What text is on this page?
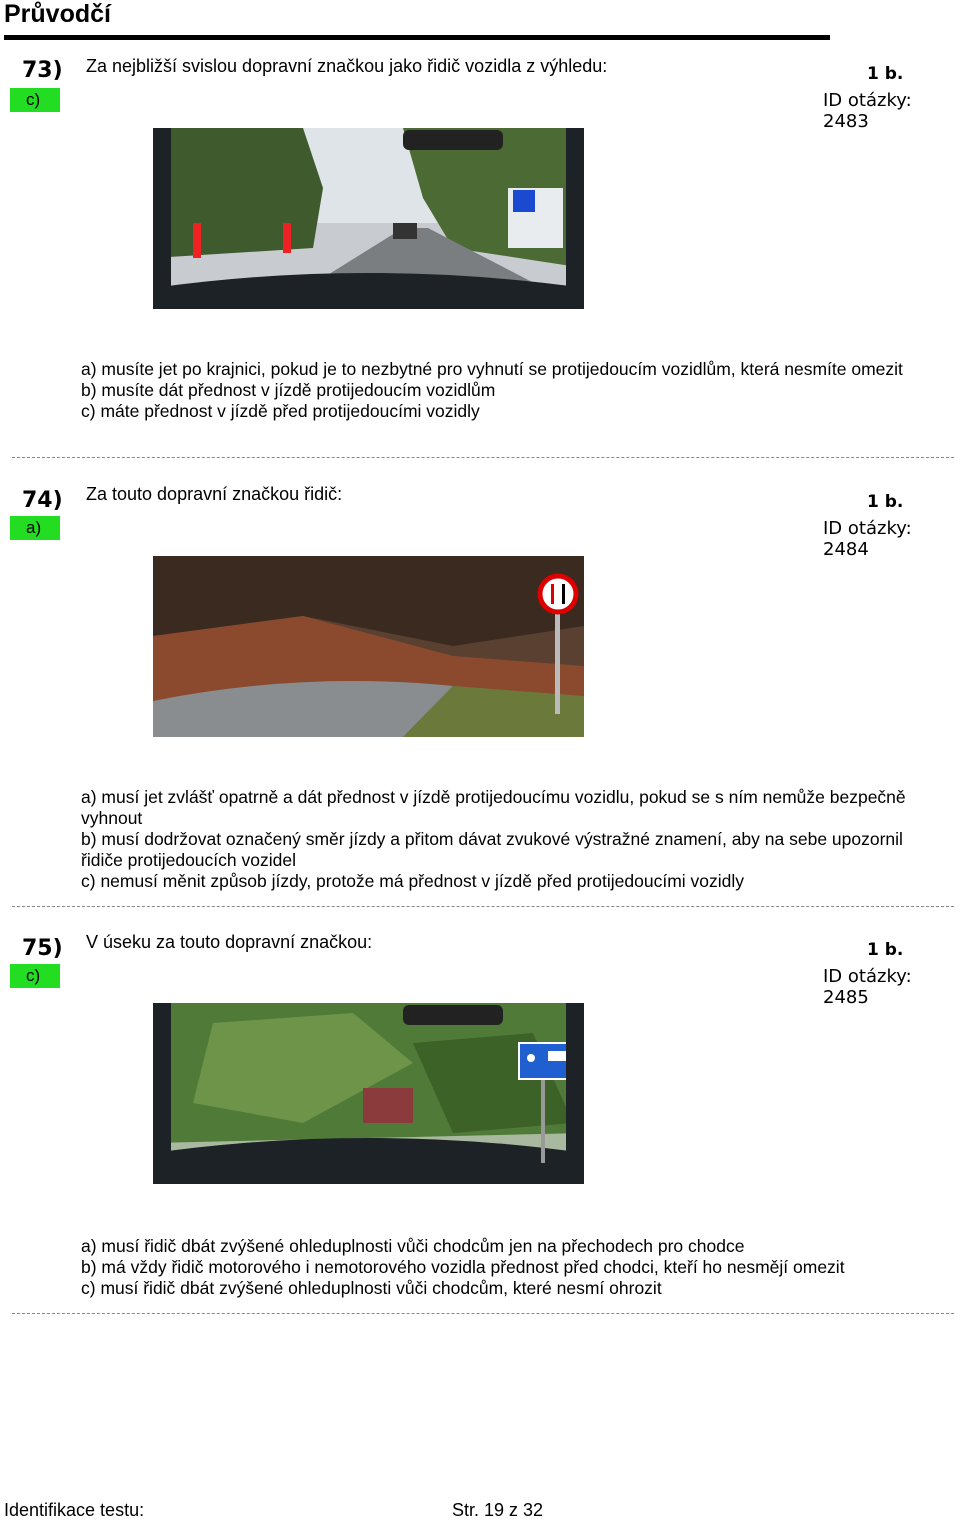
Průvodčí
73) Za nejbližší svislou dopravní značkou jako řidič vozidla z výhledu:	1 b.
c)	ID otázky: 2483
a) musíte jet po krajnici, pokud je to nezbytné pro vyhnutí se protijedoucím vozidlům, která nesmíte omezit
b) musíte dát přednost v jízdě protijedoucím vozidlům
c) máte přednost v jízdě před protijedoucími vozidly
74) Za touto dopravní značkou řidič:	1 b.
a)	ID otázky: 2484
a) musí jet zvlášť opatrně a dát přednost v jízdě protijedoucímu vozidlu, pokud se s ním nemůže bezpečně vyhnout
b) musí dodržovat označený směr jízdy a přitom dávat zvukové výstražné znamení, aby na sebe upozornil řidiče protijedoucích vozidel
c) nemusí měnit způsob jízdy, protože má přednost v jízdě před protijedoucími vozidly
75) V úseku za touto dopravní značkou:	1 b.
c)	ID otázky: 2485
a) musí řidič dbát zvýšené ohleduplnosti vůči chodcům jen na přechodech pro chodce
b) má vždy řidič motorového i nemotorového vozidla přednost před chodci, kteří ho nesmějí omezit
c) musí řidič dbát zvýšené ohleduplnosti vůči chodcům, které nesmí ohrozit
Identifikace testu:	Str. 19 z 32
